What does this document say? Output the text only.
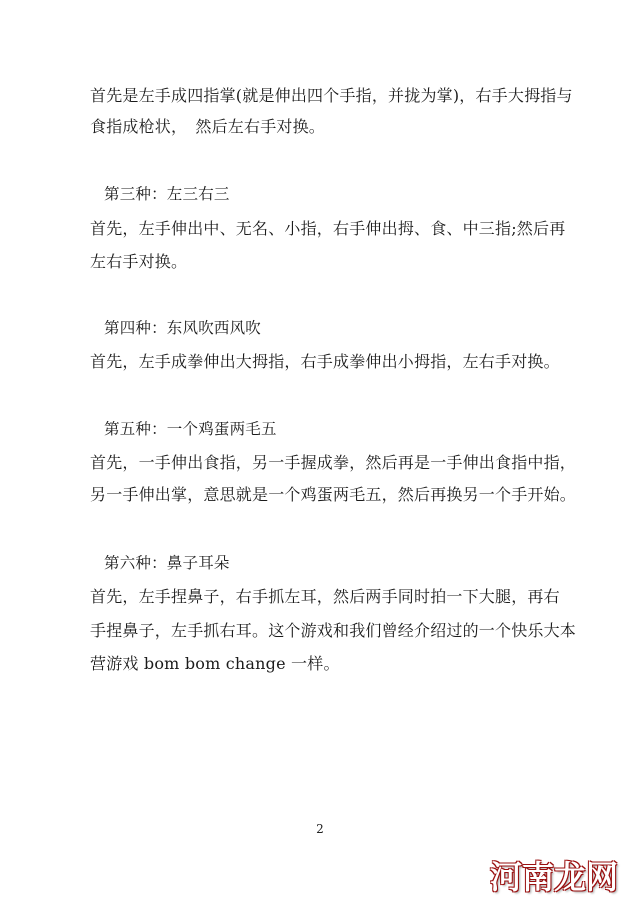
首先是左手成四指掌(就是伸出四个手指，并拢为掌)，右手大拇指与
食指成枪状，　然后左右手对换。
第三种：左三右三
首先，左手伸出中、无名、小指，右手伸出拇、食、中三指;然后再
左右手对换。
第四种：东风吹西风吹
首先，左手成拳伸出大拇指，右手成拳伸出小拇指，左右手对换。
第五种：一个鸡蛋两毛五
首先，一手伸出食指，另一手握成拳，然后再是一手伸出食指中指，
另一手伸出掌，意思就是一个鸡蛋两毛五，然后再换另一个手开始。
第六种：鼻子耳朵
首先，左手捏鼻子，右手抓左耳，然后两手同时拍一下大腿，再右
手捏鼻子，左手抓右耳。这个游戏和我们曾经介绍过的一个快乐大本
营游戏 bom bom change 一样。
2
河南龙网
